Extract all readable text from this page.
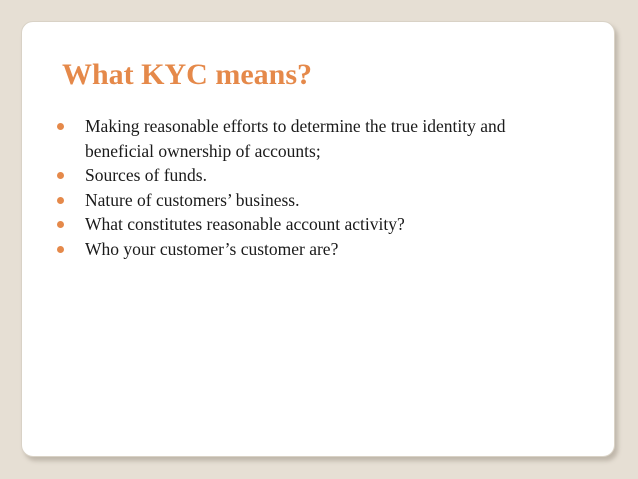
What KYC means?
Making reasonable efforts to determine the true identity and beneficial ownership of accounts;
Sources of funds.
Nature of customers’ business.
What constitutes reasonable account activity?
Who your customer’s customer are?
